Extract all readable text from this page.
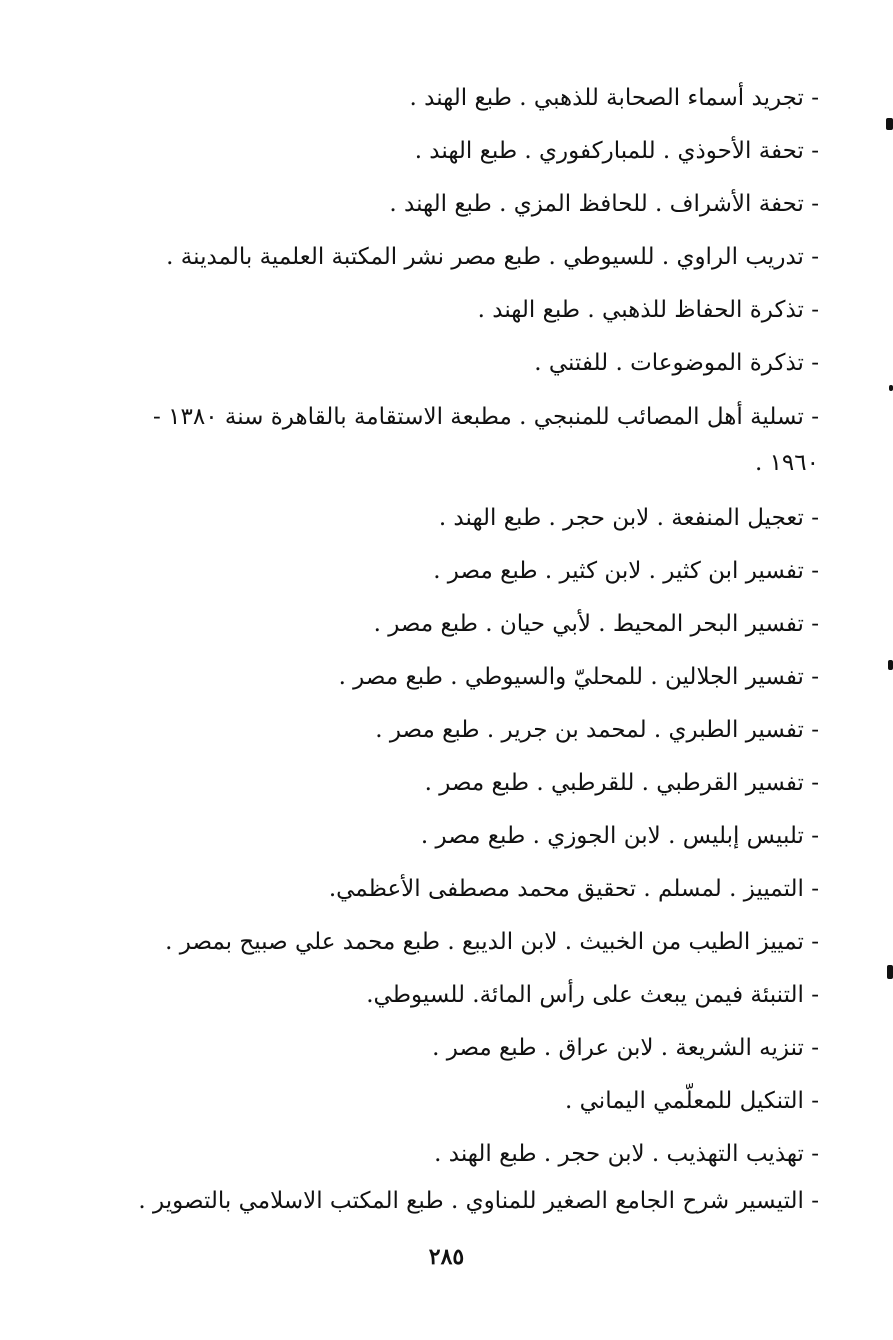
- تجريد أسماء الصحابة للذهبي . طبع الهند .
- تحفة الأحوذي . للمباركفوري . طبع الهند .
- تحفة الأشراف . للحافظ المزي . طبع الهند .
- تدريب الراوي . للسيوطي . طبع مصر نشر المكتبة العلمية بالمدينة .
- تذكرة الحفاظ للذهبي . طبع الهند .
- تذكرة الموضوعات . للفتني .
- تسلية أهل المصائب للمنبجي . مطبعة الاستقامة بالقاهرة سنة ١٣٨٠ - ١٩٦٠ .
- تعجيل المنفعة . لابن حجر . طبع الهند .
- تفسير ابن كثير . لابن كثير . طبع مصر .
- تفسير البحر المحيط . لأبي حيان . طبع مصر .
- تفسير الجلالين . للمحليّ والسيوطي . طبع مصر .
- تفسير الطبري . لمحمد بن جرير . طبع مصر .
- تفسير القرطبي . للقرطبي . طبع مصر .
- تلبيس إبليس . لابن الجوزي . طبع مصر .
- التمييز . لمسلم . تحقيق محمد مصطفى الأعظمي.
- تمييز الطيب من الخبيث . لابن الديبع . طبع محمد علي صبيح بمصر .
- التنبئة فيمن يبعث على رأس المائة. للسيوطي.
- تنزيه الشريعة . لابن عراق . طبع مصر .
- التنكيل للمعلّمي اليماني .
- تهذيب التهذيب . لابن حجر . طبع الهند .
- التيسير شرح الجامع الصغير للمناوي . طبع المكتب الاسلامي بالتصوير .
٢٨٥
